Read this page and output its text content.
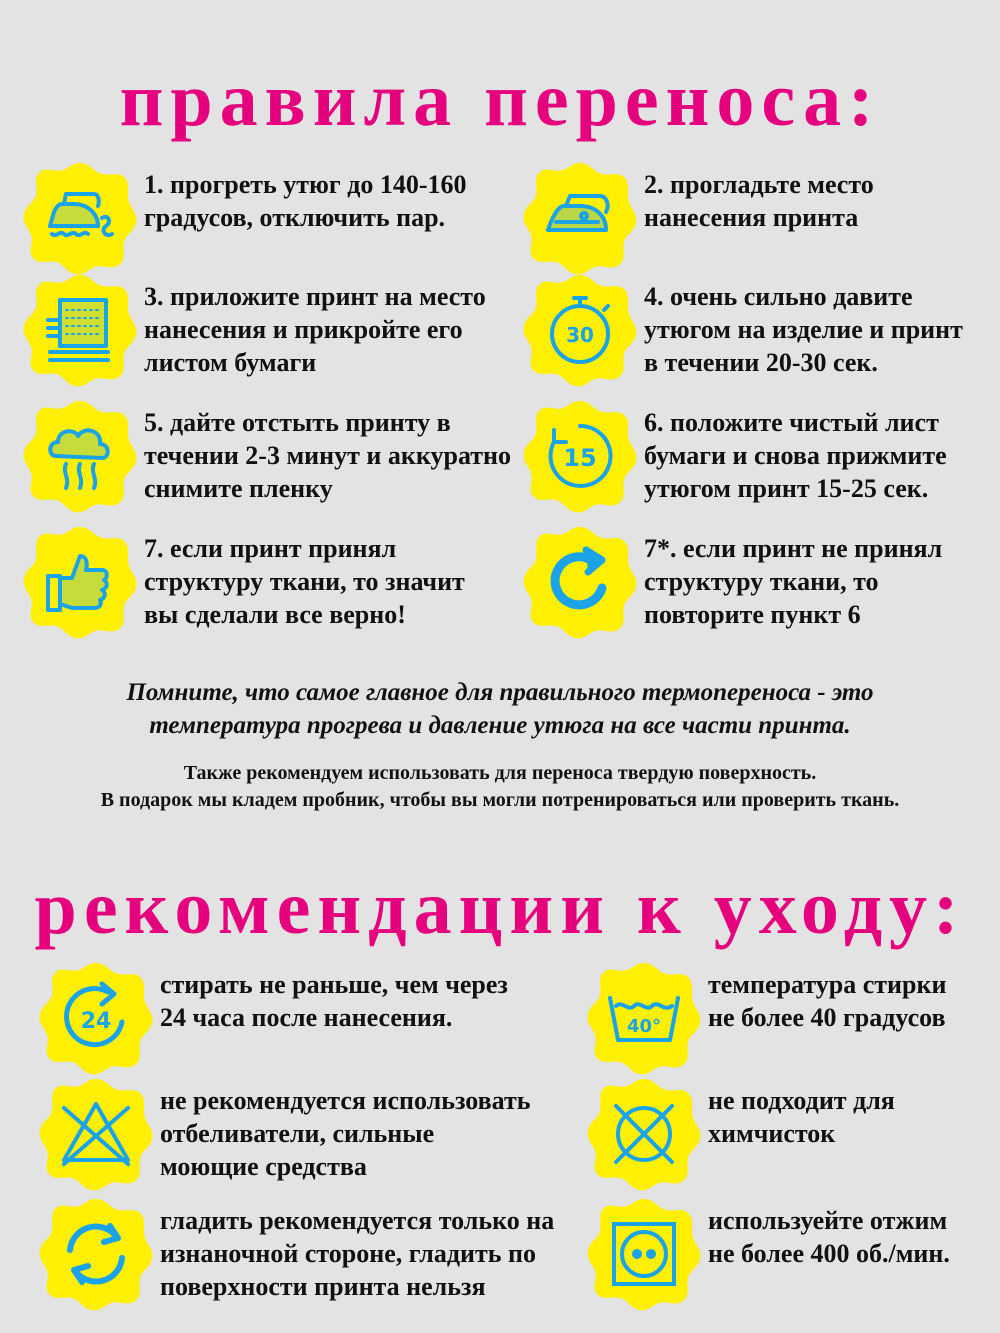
правила переноса:
1. прогреть утюг до 140-160
градусов, отключить пар.
2. прогладьте место
нанесения принта
3. приложите принт на место
нанесения и прикройте его
листом бумаги
30
4. очень сильно давите
утюгом на изделие и принт
в течении 20-30 сек.
5. дайте отстыть принту в
течении 2-3 минут и аккуратно
снимите пленку
15
6. положите чистый лист
бумаги и снова прижмите
утюгом принт 15-25 сек.
7. если принт принял
структуру ткани, то значит
вы сделали все верно!
7*. если принт не принял
структуру ткани, то
повторите пункт 6
Помните, что самое главное для правильного термопереноса - это
температура прогрева и давление утюга на все части принта.
Также рекомендуем использовать для переноса твердую поверхность.
В подарок мы кладем пробник, чтобы вы могли потренироваться или проверить ткань.
рекомендации к уходу:
24
стирать не раньше, чем через
24 часа после нанесения.	40°
температура стирки
не более 40 градусов
не рекомендуется использовать
отбеливатели, сильные
моющие средства
не подходит для
химчисток
гладить рекомендуется только на
изнаночной стороне, гладить по
поверхности принта нельзя
используейте отжим
не более 400 об./мин.
